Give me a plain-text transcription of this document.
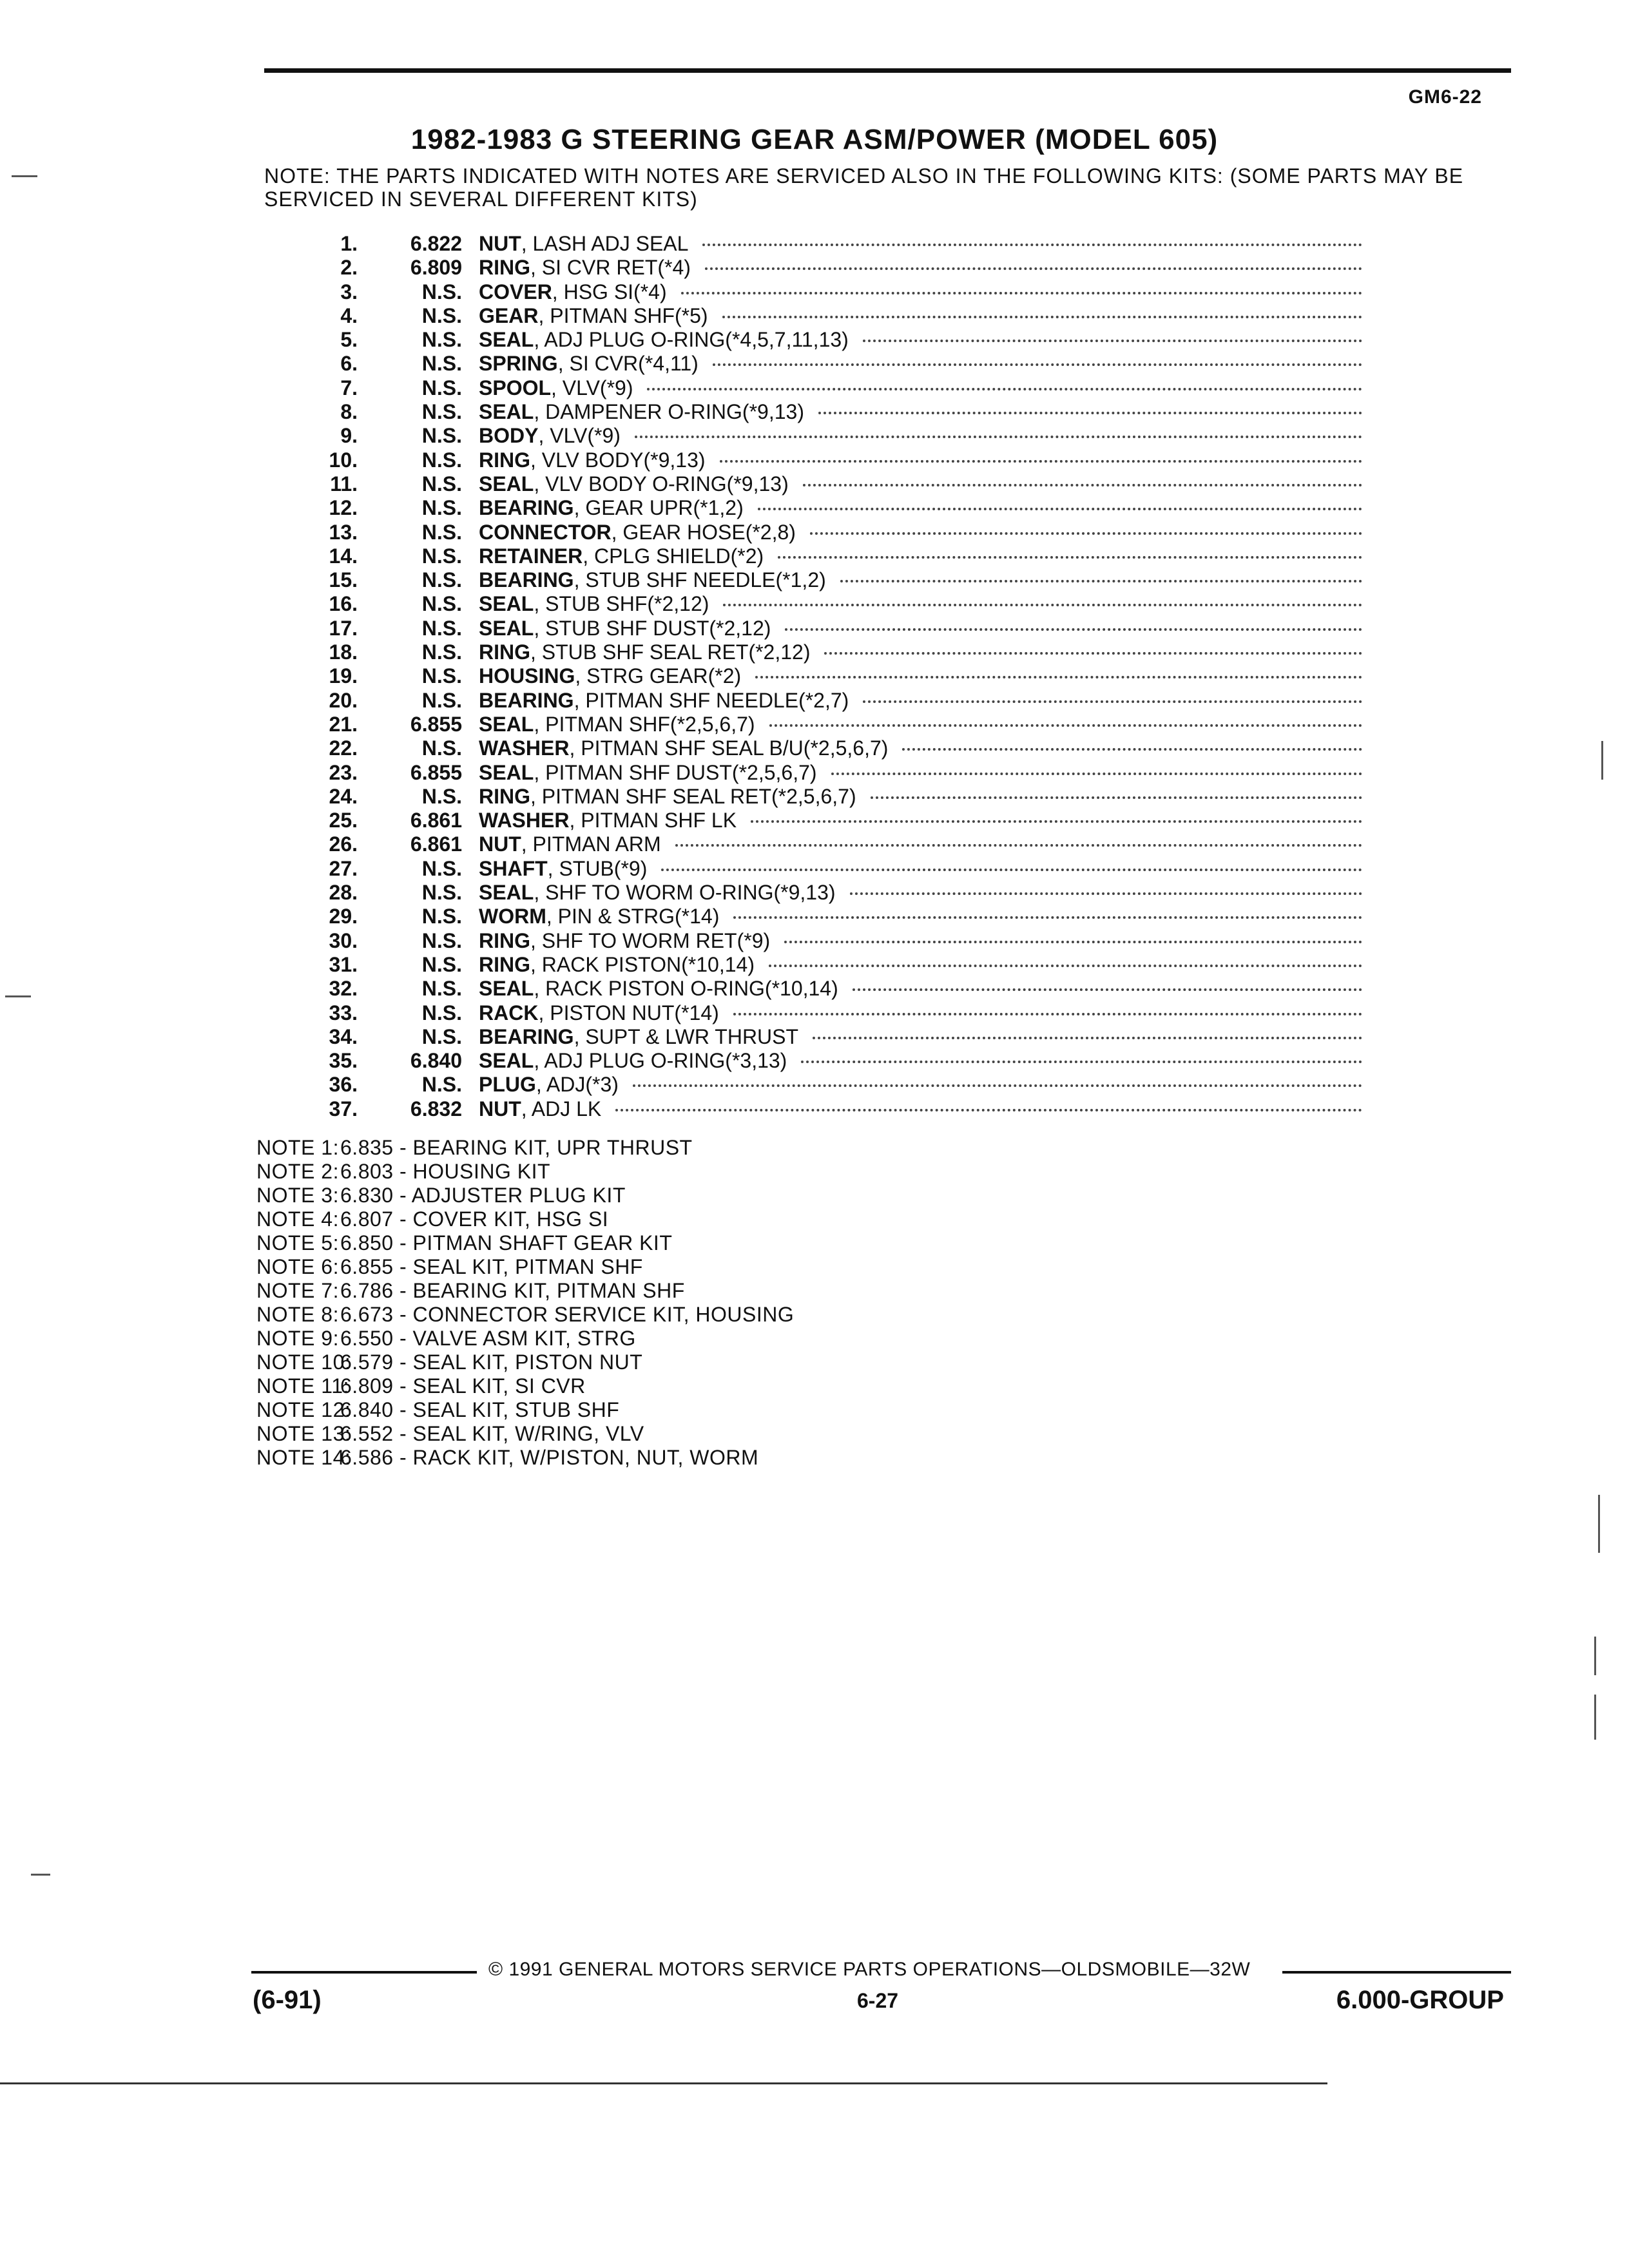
GM6-22
1982-1983 G STEERING GEAR ASM/POWER (MODEL 605)
NOTE: THE PARTS INDICATED WITH NOTES ARE SERVICED ALSO IN THE FOLLOWING KITS: (SOME PARTS MAY BE SERVICED IN SEVERAL DIFFERENT KITS)
1.	6.822 NUT , LASH ADJ SEAL
2.	6.809 RING , SI CVR RET(*4)
3.	N.S. COVER , HSG SI(*4)
4.	N.S. GEAR , PITMAN SHF(*5)
5.	N.S. SEAL , ADJ PLUG O-RING(*4,5,7,11,13)
6.	N.S. SPRING , SI CVR(*4,11)
7.	N.S. SPOOL , VLV(*9)
8.	N.S. SEAL , DAMPENER O-RING(*9,13)
9.	N.S. BODY , VLV(*9)
10.	N.S. RING , VLV BODY(*9,13)
11.	N.S. SEAL , VLV BODY O-RING(*9,13)
12.	N.S. BEARING , GEAR UPR(*1,2)
13.	N.S. CONNECTOR , GEAR HOSE(*2,8)
14.	N.S. RETAINER , CPLG SHIELD(*2)
15.	N.S. BEARING , STUB SHF NEEDLE(*1,2)
16.	N.S. SEAL , STUB SHF(*2,12)
17.	N.S. SEAL , STUB SHF DUST(*2,12)
18.	N.S. RING , STUB SHF SEAL RET(*2,12)
19.	N.S. HOUSING , STRG GEAR(*2)
20.	N.S. BEARING , PITMAN SHF NEEDLE(*2,7)
21.	6.855 SEAL , PITMAN SHF(*2,5,6,7)
22.	N.S. WASHER , PITMAN SHF SEAL B/U(*2,5,6,7)
23.	6.855 SEAL , PITMAN SHF DUST(*2,5,6,7)
24.	N.S. RING , PITMAN SHF SEAL RET(*2,5,6,7)
25.	6.861 WASHER , PITMAN SHF LK
26.	6.861 NUT , PITMAN ARM
27.	N.S. SHAFT , STUB(*9)
28.	N.S. SEAL , SHF TO WORM O-RING(*9,13)
29.	N.S. WORM , PIN & STRG(*14)
30.	N.S. RING , SHF TO WORM RET(*9)
31.	N.S. RING , RACK PISTON(*10,14)
32.	N.S. SEAL , RACK PISTON O-RING(*10,14)
33.	N.S. RACK , PISTON NUT(*14)
34.	N.S. BEARING , SUPT & LWR THRUST
35.	6.840 SEAL , ADJ PLUG O-RING(*3,13)
36.	N.S. PLUG , ADJ(*3)
37.	6.832 NUT , ADJ LK
NOTE 1:6.835 - BEARING KIT, UPR THRUST
NOTE 2:6.803 - HOUSING KIT
NOTE 3:6.830 - ADJUSTER PLUG KIT
NOTE 4:6.807 - COVER KIT, HSG SI
NOTE 5:6.850 - PITMAN SHAFT GEAR KIT
NOTE 6:6.855 - SEAL KIT, PITMAN SHF
NOTE 7:6.786 - BEARING KIT, PITMAN SHF
NOTE 8:6.673 - CONNECTOR SERVICE KIT, HOUSING
NOTE 9:6.550 - VALVE ASM KIT, STRG
NOTE 10:6.579 - SEAL KIT, PISTON NUT
NOTE 11:6.809 - SEAL KIT, SI CVR
NOTE 12:6.840 - SEAL KIT, STUB SHF
NOTE 13:6.552 - SEAL KIT, W/RING, VLV
NOTE 14:6.586 - RACK KIT, W/PISTON, NUT, WORM
© 1991 GENERAL MOTORS SERVICE PARTS OPERATIONS—OLDSMOBILE—32W
(6-91)	6-27	6.000-GROUP
